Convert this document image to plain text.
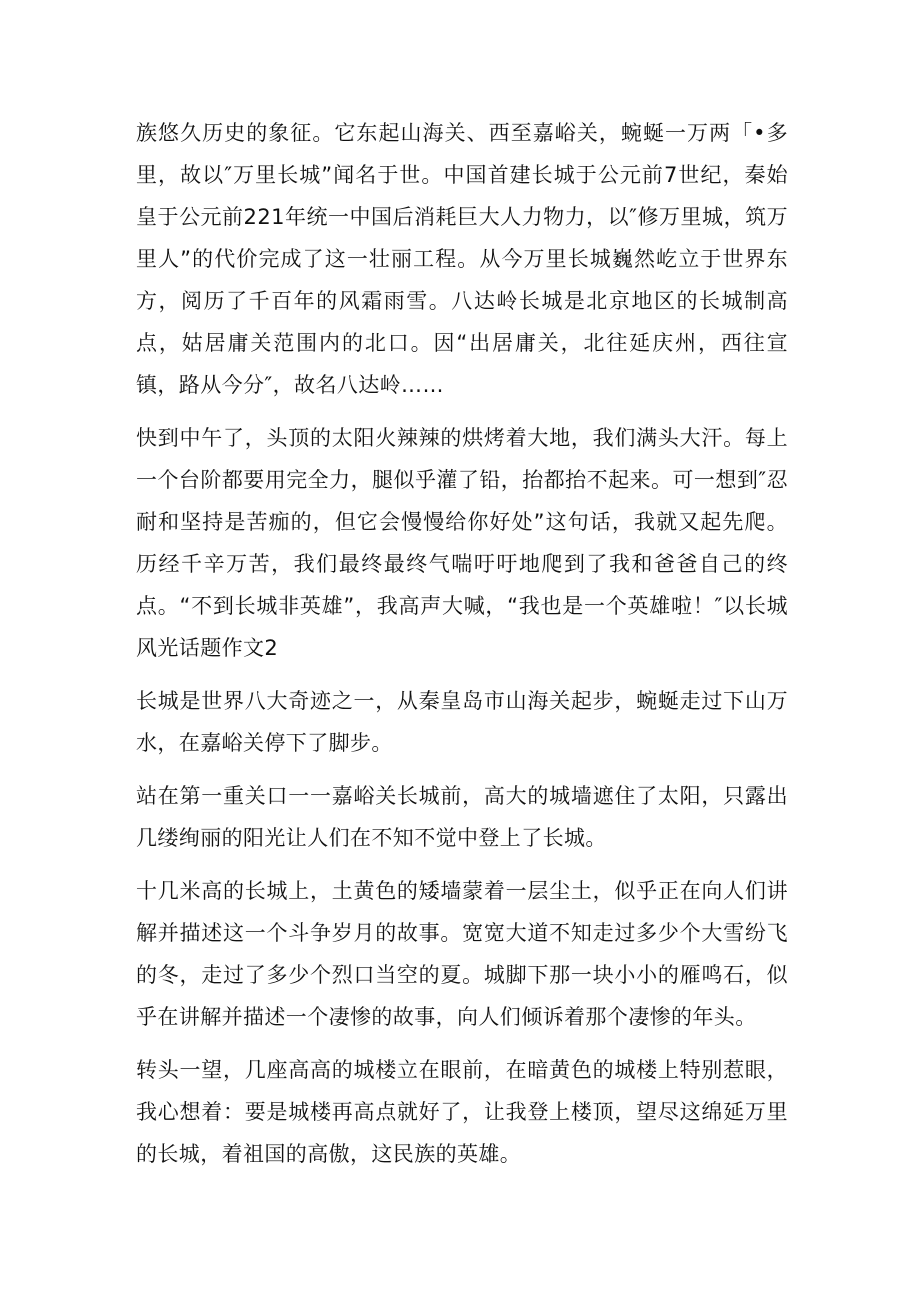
族悠久历史的象征。它东起山海关、西至嘉峪关，蜿蜒一万两「•多里，故以″万里长城”闻名于世。中国首建长城于公元前7世纪，秦始皇于公元前221年统一中国后消耗巨大人力物力，以″修万里城，筑万里人”的代价完成了这一壮丽工程。从今万里长城巍然屹立于世界东方，阅历了千百年的风霜雨雪。八达岭长城是北京地区的长城制高点，姑居庸关范围内的北口。因“出居庸关，北往延庆州，西往宣镇，路从今分″，故名八达岭……

快到中午了，头顶的太阳火辣辣的烘烤着大地，我们满头大汗。每上一个台阶都要用完全力，腿似乎灌了铅，抬都抬不起来。可一想到″忍耐和坚持是苦痂的，但它会慢慢给你好处”这句话，我就又起先爬。历经千辛万苦，我们最终最终气喘吁吁地爬到了我和爸爸自己的终点。“不到长城非英雄”，我高声大喊，“我也是一个英雄啦！″以长城风光话题作文2

长城是世界八大奇迹之一，从秦皇岛市山海关起步，蜿蜒走过下山万水，在嘉峪关停下了脚步。

站在第一重关口一一嘉峪关长城前，高大的城墙遮住了太阳，只露出几缕绚丽的阳光让人们在不知不觉中登上了长城。

十几米高的长城上，土黄色的矮墙蒙着一层尘土，似乎正在向人们讲解并描述这一个斗争岁月的故事。宽宽大道不知走过多少个大雪纷飞的冬，走过了多少个烈口当空的夏。城脚下那一块小小的雁鸣石，似乎在讲解并描述一个凄惨的故事，向人们倾诉着那个凄惨的年头。

转头一望，几座高高的城楼立在眼前，在暗黄色的城楼上特别惹眼，我心想着：要是城楼再高点就好了，让我登上楼顶，望尽这绵延万里的长城，着祖国的高傲，这民族的英雄。
